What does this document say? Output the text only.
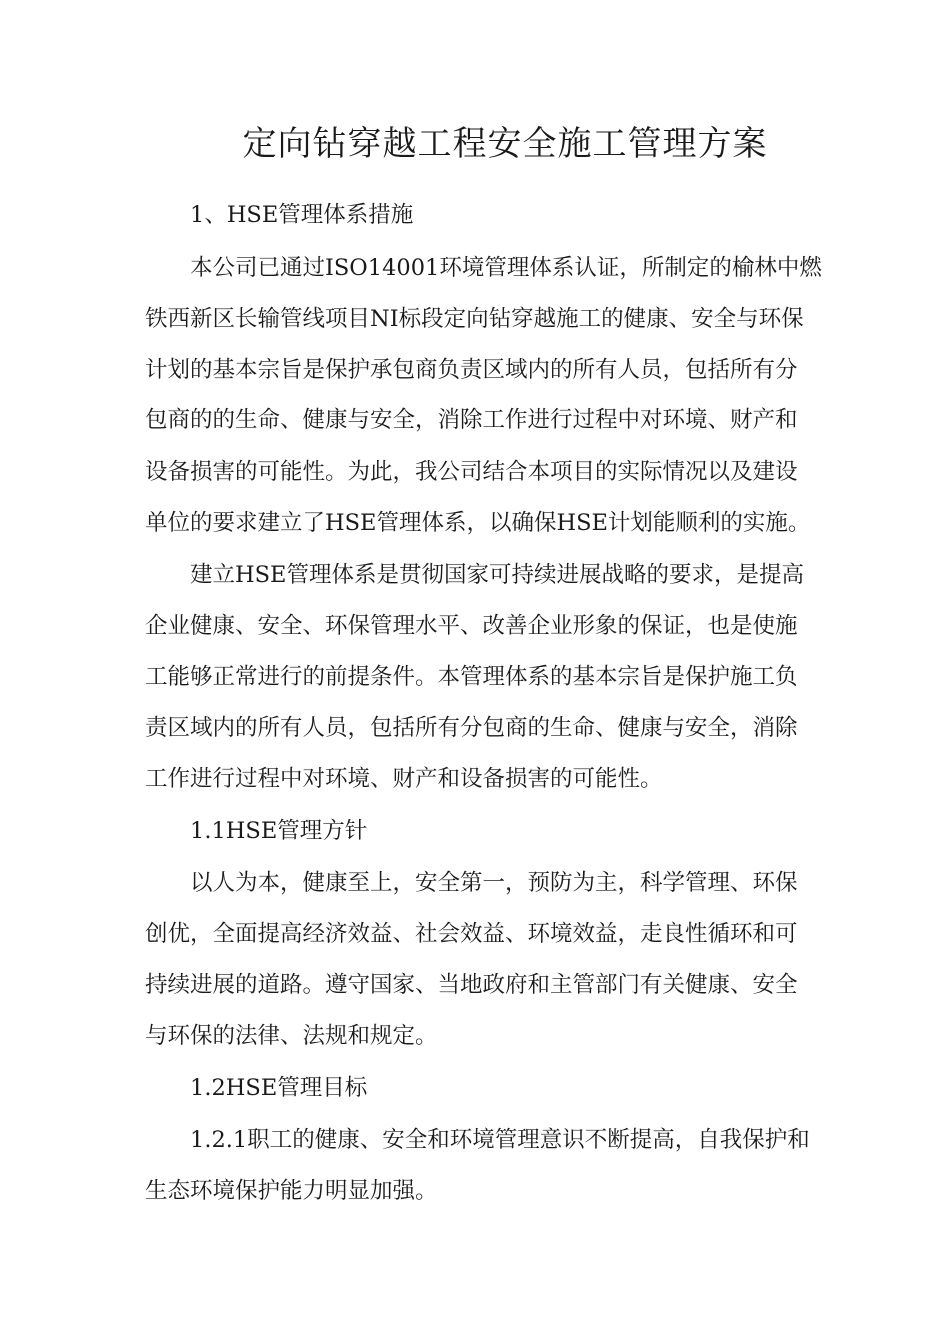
定向钻穿越工程安全施工管理方案
1、HSE管理体系措施
本公司已通过ISO14001环境管理体系认证，所制定的榆林中燃
铁西新区长输管线项目NI标段定向钻穿越施工的健康、安全与环保
计划的基本宗旨是保护承包商负责区域内的所有人员，包括所有分
包商的的生命、健康与安全，消除工作进行过程中对环境、财产和
设备损害的可能性。为此，我公司结合本项目的实际情况以及建设
单位的要求建立了HSE管理体系，以确保HSE计划能顺利的实施。
建立HSE管理体系是贯彻国家可持续进展战略的要求，是提高
企业健康、安全、环保管理水平、改善企业形象的保证，也是使施
工能够正常进行的前提条件。本管理体系的基本宗旨是保护施工负
责区域内的所有人员，包括所有分包商的生命、健康与安全，消除
工作进行过程中对环境、财产和设备损害的可能性。
1.1HSE管理方针
以人为本，健康至上，安全第一，预防为主，科学管理、环保
创优，全面提高经济效益、社会效益、环境效益，走良性循环和可
持续进展的道路。遵守国家、当地政府和主管部门有关健康、安全
与环保的法律、法规和规定。
1.2HSE管理目标
1.2.1职工的健康、安全和环境管理意识不断提高，自我保护和
生态环境保护能力明显加强。
